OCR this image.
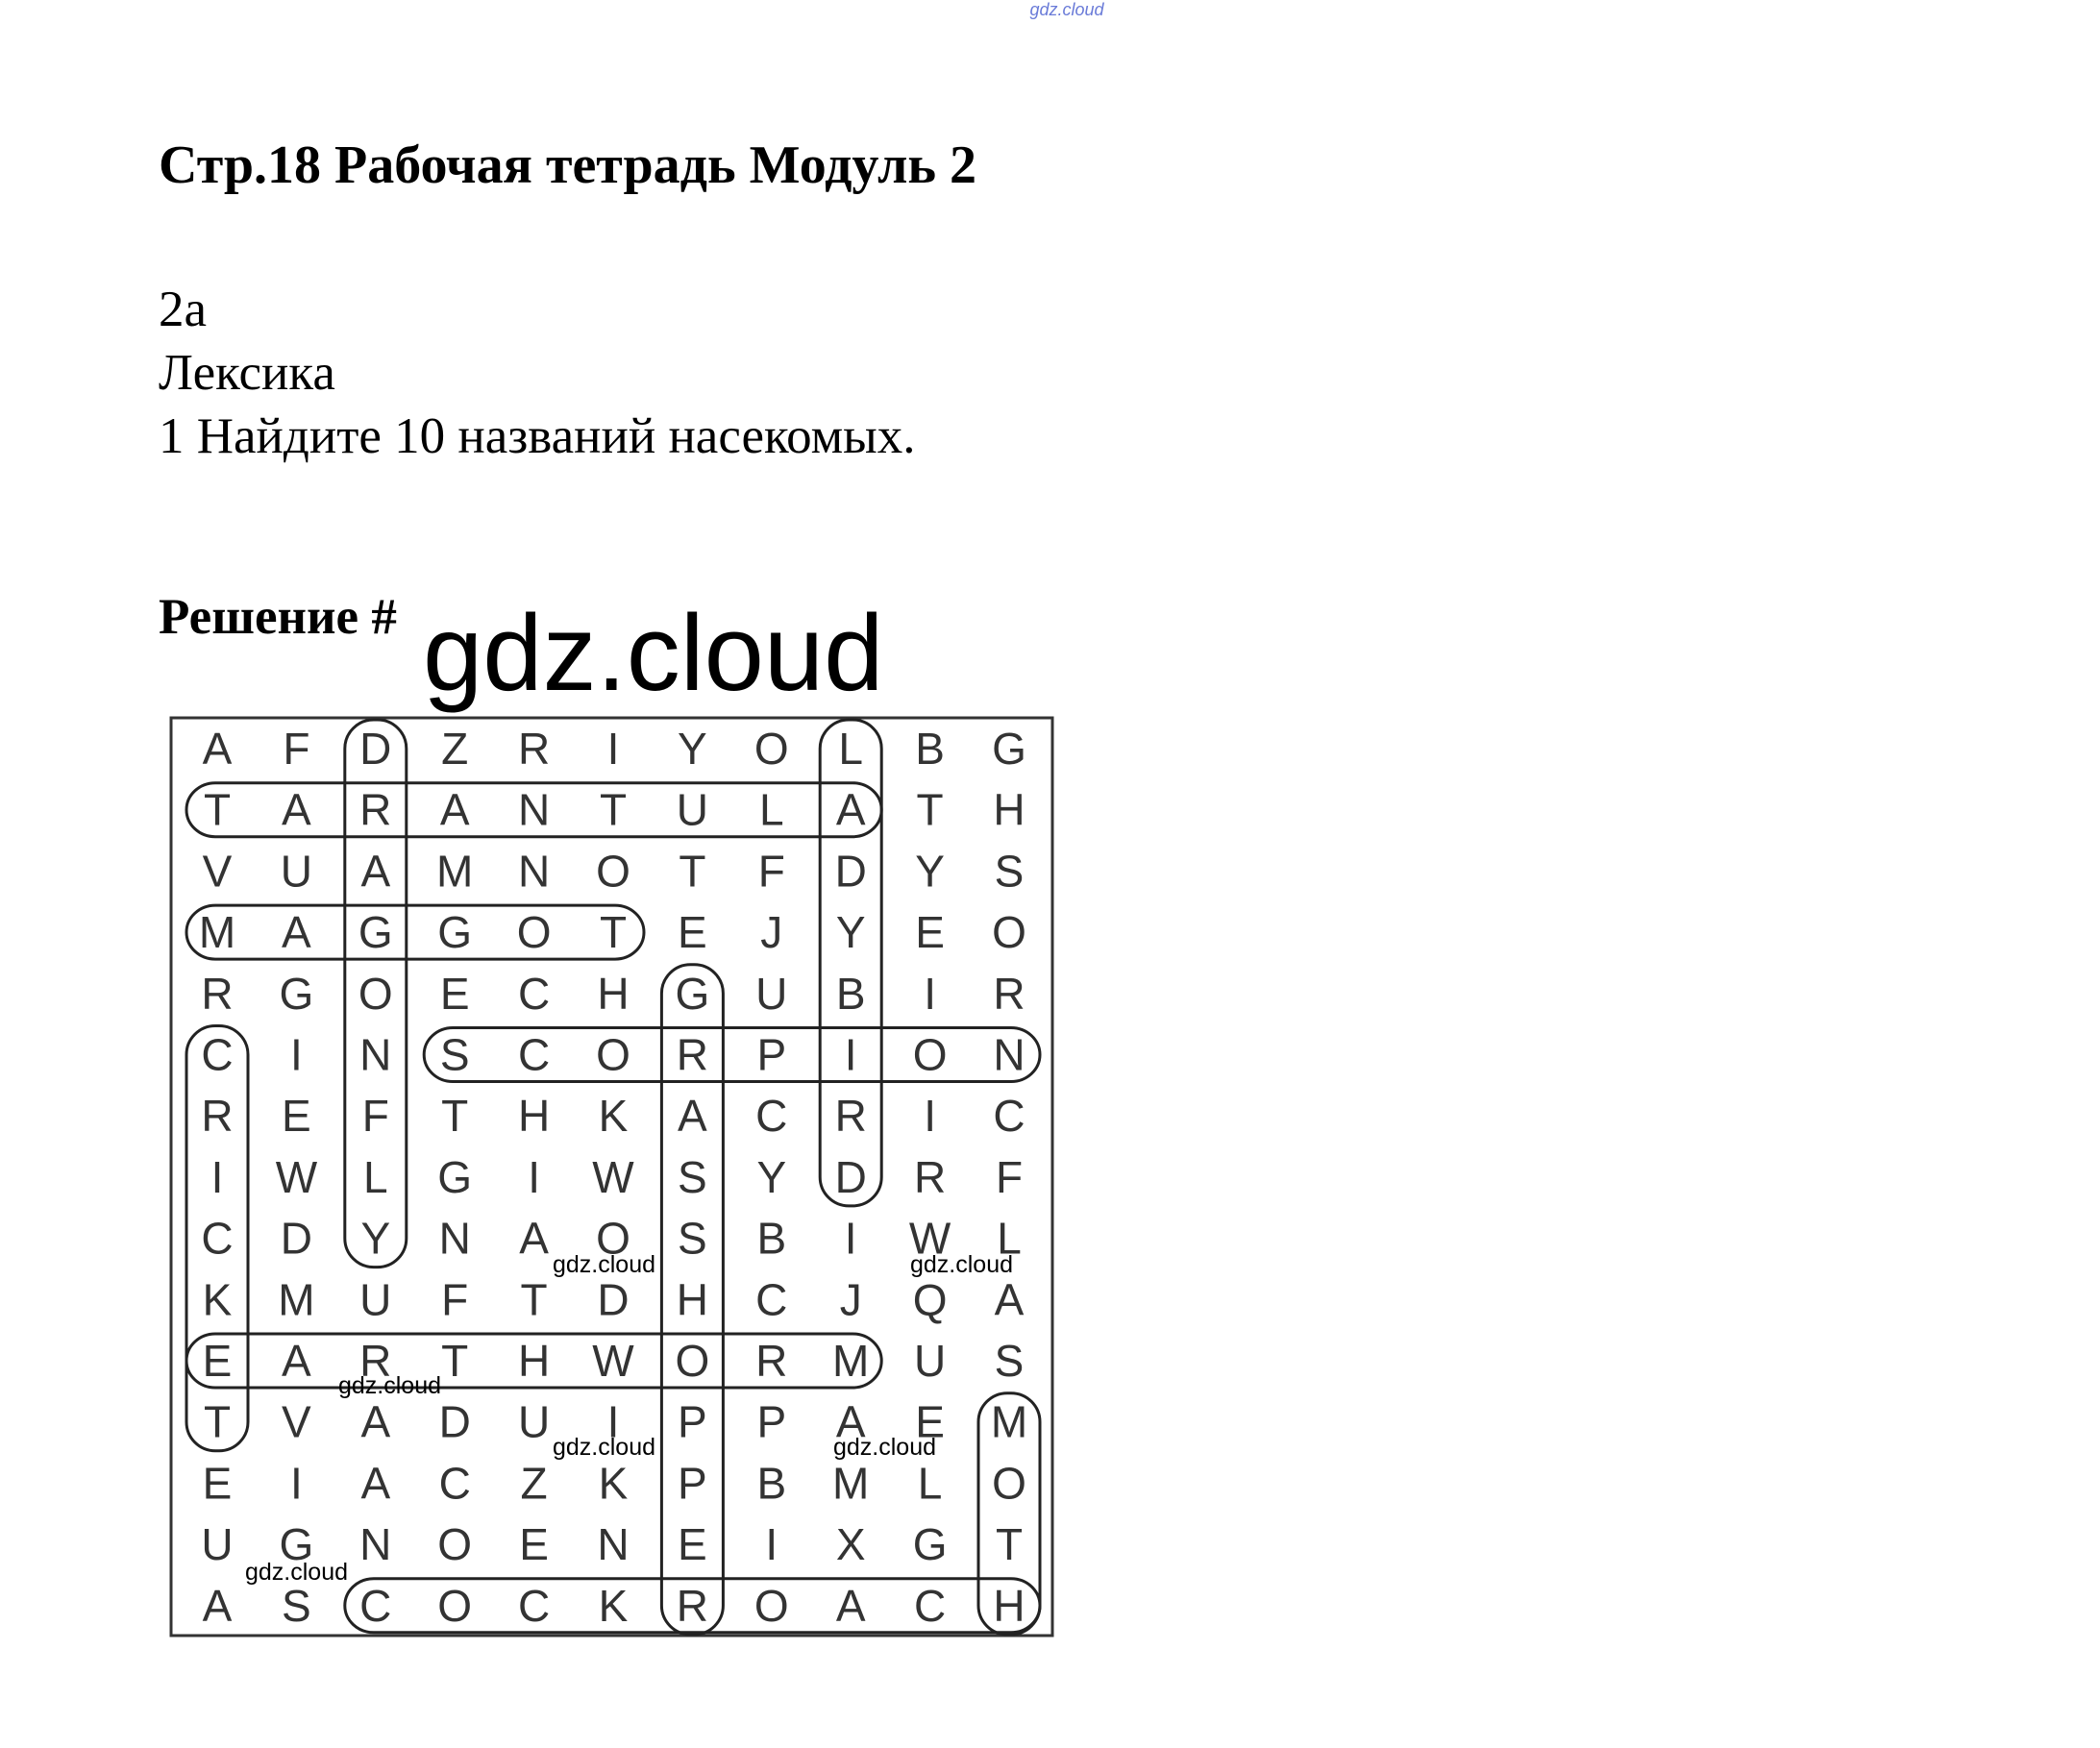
gdz.cloud
Стр.18 Рабочая тетрадь Модуль 2
2a
Лексика
1 Найдите 10 названий насекомых.
Решение # gdz.cloud
A F D Z R I Y O L B G
T A R A N T U L A T H
V U A M N O T F D Y S
M A G G O T E J Y E O
R G O E C H G U B I R
C I N S C O R P I O N
R E F T H K A C R I C
I W L G I W S Y D R F
C D Y N A O S B I W L
K M U F T D H C J Q A
E A R T H W O R M U S
T V A D U I P P A E M
E I A C Z K P B M L O
U G N O E N E I X G T
A S C O C K R O A C H
gdz.cloud	gdz.cloud
gdz.cloud
gdz.cloud	gdz.cloud
gdz.cloud
